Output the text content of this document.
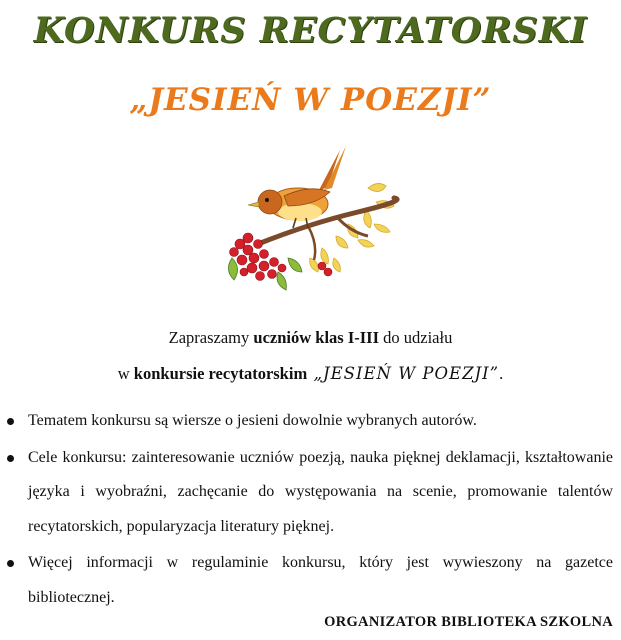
KONKURS RECYTATORSKI
„JESIEŃ W POEZJI”
Zapraszamy uczniów klas I-III do udziału
w konkursie recytatorskim „JESIEŃ W POEZJI”.
Tematem konkursu są wiersze o jesieni dowolnie wybranych autorów.
Cele konkursu: zainteresowanie uczniów poezją, nauka pięknej deklamacji, kształtowanie języka i wyobraźni, zachęcanie do występowania na scenie, promowanie talentów recytatorskich, popularyzacja literatury pięknej.
Więcej informacji w regulaminie konkursu, który jest wywieszony na gazetce bibliotecznej.
ORGANIZATOR BIBLIOTEKA SZKOLNA
